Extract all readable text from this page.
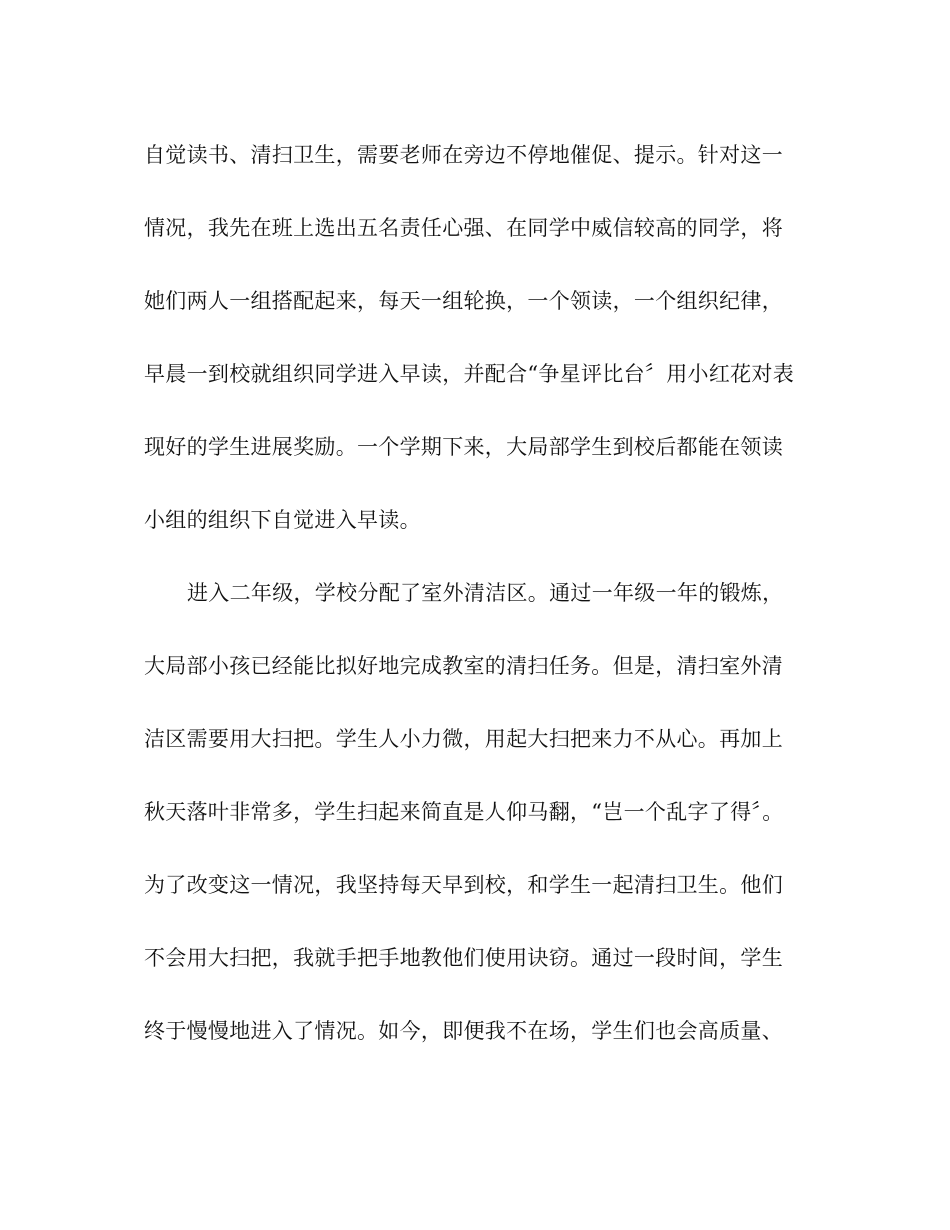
自觉读书、清扫卫生，需要老师在旁边不停地催促、提示。针对这一
情况，我先在班上选出五名责任心强、在同学中威信较高的同学，将
她们两人一组搭配起来，每天一组轮换，一个领读，一个组织纪律，
早晨一到校就组织同学进入早读，并配合“争星评比台〞用小红花对表
现好的学生进展奖励。一个学期下来，大局部学生到校后都能在领读
小组的组织下自觉进入早读。
进入二年级，学校分配了室外清洁区。通过一年级一年的锻炼，
大局部小孩已经能比拟好地完成教室的清扫任务。但是，清扫室外清
洁区需要用大扫把。学生人小力微，用起大扫把来力不从心。再加上
秋天落叶非常多，学生扫起来简直是人仰马翻，“岂一个乱字了得〞。
为了改变这一情况，我坚持每天早到校，和学生一起清扫卫生。他们
不会用大扫把，我就手把手地教他们使用诀窃。通过一段时间，学生
终于慢慢地进入了情况。如今，即便我不在场，学生们也会高质量、
